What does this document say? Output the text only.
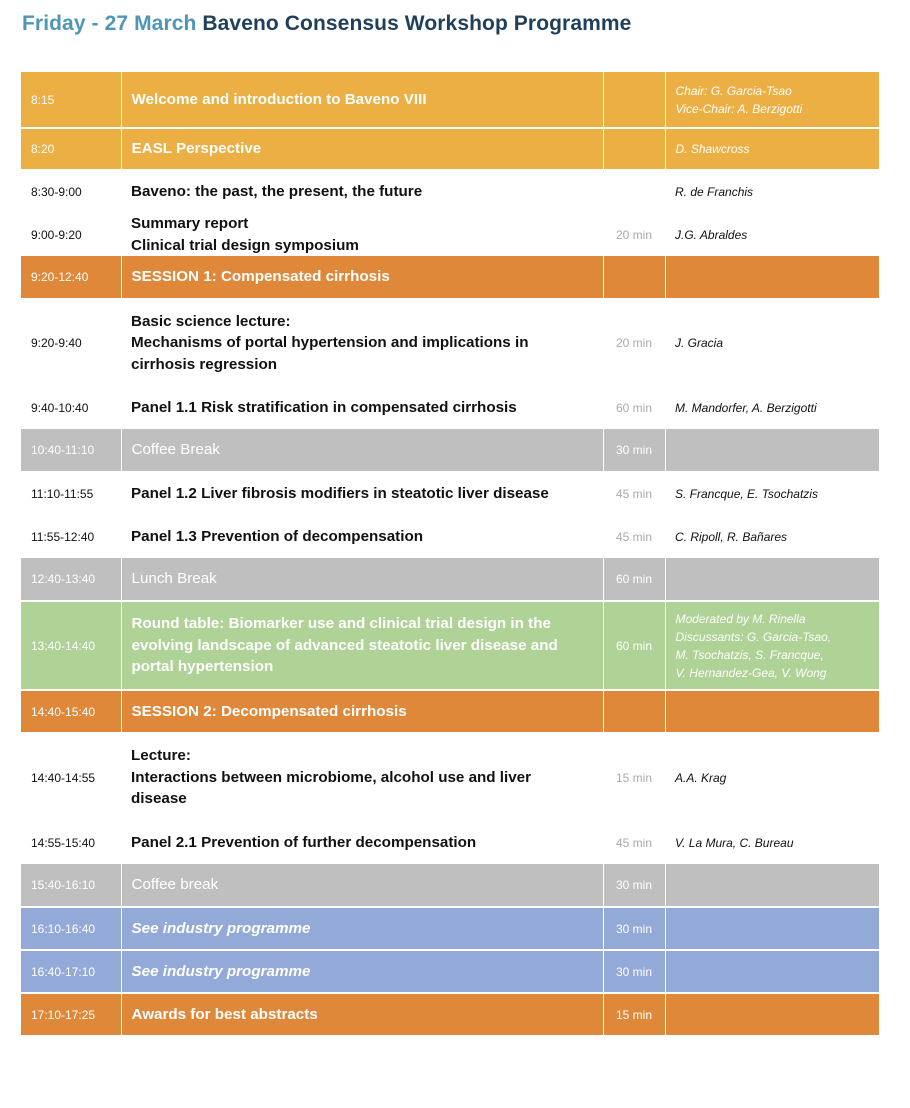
Friday - 27 March Baveno Consensus Workshop Programme
8:15	Welcome and introduction to Baveno VIII		Chair: G. Garcia-Tsao
Vice-Chair: A. Berzigotti

8:20	EASL Perspective		D. Shawcross

8:30-9:00	Baveno: the past, the present, the future		R. de Franchis

9:00-9:20	Summary report
Clinical trial design symposium	20 min	J.G. Abraldes

9:20-12:40	SESSION 1: Compensated cirrhosis		

9:20-9:40	Basic science lecture:
Mechanisms of portal hypertension and implications in
cirrhosis regression	20 min	J. Gracia

9:40-10:40	Panel 1.1 Risk stratification in compensated cirrhosis	60 min	M. Mandorfer, A. Berzigotti

10:40-11:10	Coffee Break	30 min	
11:10-11:55	Panel 1.2 Liver fibrosis modifiers in steatotic liver disease	45 min	S. Francque, E. Tsochatzis

11:55-12:40	Panel 1.3 Prevention of decompensation	45 min	C. Ripoll, R. Bañares

12:40-13:40	Lunch Break	60 min	
13:40-14:40	Round table: Biomarker use and clinical trial design in the
evolving landscape of advanced steatotic liver disease and
portal hypertension	60 min	Moderated by M. Rinella
Discussants: G. Garcia-Tsao,
M. Tsochatzis, S. Francque,
V. Hernandez-Gea, V. Wong

14:40-15:40	SESSION 2: Decompensated cirrhosis		

14:40-14:55	Lecture:
Interactions between microbiome, alcohol use and liver
disease	15 min	A.A. Krag

14:55-15:40	Panel 2.1 Prevention of further decompensation	45 min	V. La Mura, C. Bureau

15:40-16:10	Coffee break	30 min	
16:10-16:40	See industry programme	30 min	
16:40-17:10	See industry programme	30 min	
17:10-17:25	Awards for best abstracts	15 min	
